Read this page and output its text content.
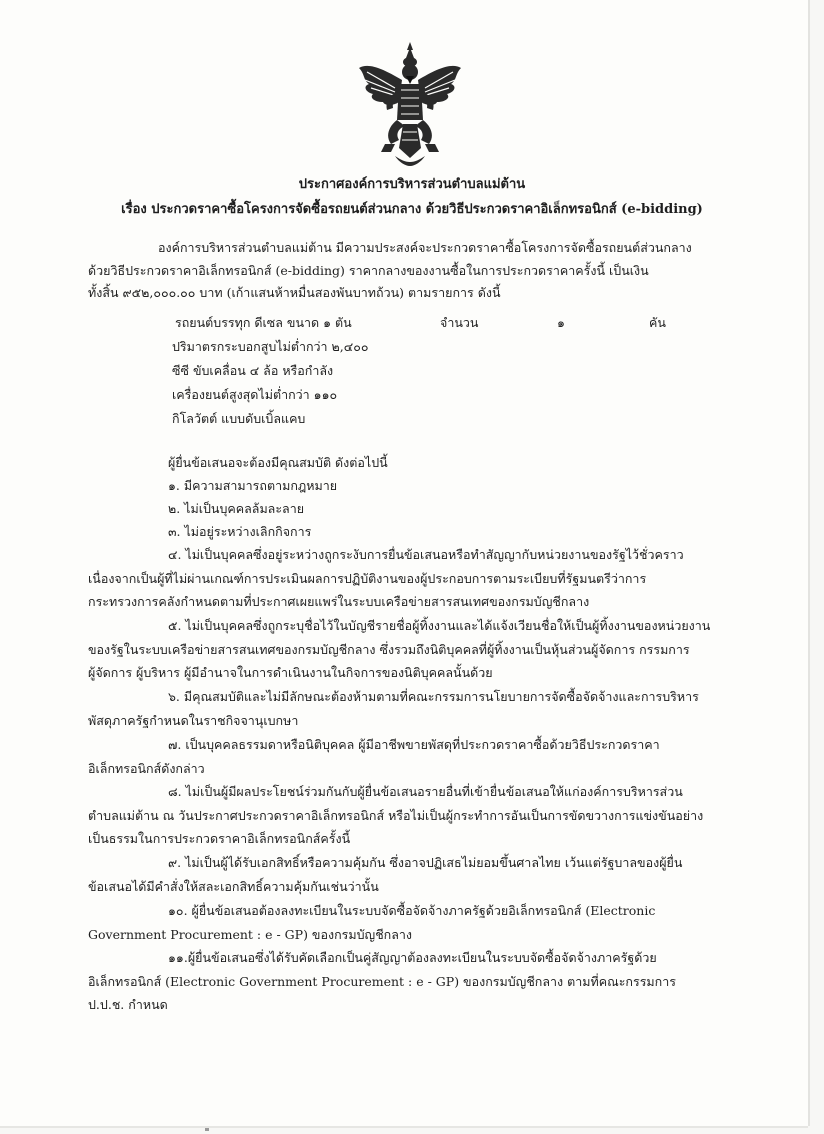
ประกาศองค์การบริหารส่วนตำบลแม่ต้าน
เรื่อง ประกวดราคาซื้อโครงการจัดซื้อรถยนต์ส่วนกลาง ด้วยวิธีประกวดราคาอิเล็กทรอนิกส์ (e-bidding)
องค์การบริหารส่วนตำบลแม่ต้าน มีความประสงค์จะประกวดราคาซื้อโครงการจัดซื้อรถยนต์ส่วนกลาง
ด้วยวิธีประกวดราคาอิเล็กทรอนิกส์ (e-bidding) ราคากลางของงานซื้อในการประกวดราคาครั้งนี้ เป็นเงิน
ทั้งสิ้น ๙๕๒,๐๐๐.๐๐ บาท (เก้าแสนห้าหมื่นสองพันบาทถ้วน) ตามรายการ ดังนี้
รถยนต์บรรทุก ดีเซล ขนาด ๑ ตัน	จำนวน	๑	คัน
ปริมาตรกระบอกสูบไม่ต่ำกว่า ๒,๔๐๐
ซีซี ขับเคลื่อน ๔ ล้อ หรือกำลัง
เครื่องยนต์สูงสุดไม่ต่ำกว่า ๑๑๐
กิโลวัตต์ แบบดับเบิ้ลแคบ
ผู้ยื่นข้อเสนอจะต้องมีคุณสมบัติ ดังต่อไปนี้
๑. มีความสามารถตามกฎหมาย
๒. ไม่เป็นบุคคลล้มละลาย
๓. ไม่อยู่ระหว่างเลิกกิจการ
๔. ไม่เป็นบุคคลซึ่งอยู่ระหว่างถูกระงับการยื่นข้อเสนอหรือทำสัญญากับหน่วยงานของรัฐไว้ชั่วคราว
เนื่องจากเป็นผู้ที่ไม่ผ่านเกณฑ์การประเมินผลการปฏิบัติงานของผู้ประกอบการตามระเบียบที่รัฐมนตรีว่าการ
กระทรวงการคลังกำหนดตามที่ประกาศเผยแพร่ในระบบเครือข่ายสารสนเทศของกรมบัญชีกลาง
๕. ไม่เป็นบุคคลซึ่งถูกระบุชื่อไว้ในบัญชีรายชื่อผู้ทิ้งงานและได้แจ้งเวียนชื่อให้เป็นผู้ทิ้งงานของหน่วยงาน
ของรัฐในระบบเครือข่ายสารสนเทศของกรมบัญชีกลาง ซึ่งรวมถึงนิติบุคคลที่ผู้ทิ้งงานเป็นหุ้นส่วนผู้จัดการ กรรมการ
ผู้จัดการ ผู้บริหาร ผู้มีอำนาจในการดำเนินงานในกิจการของนิติบุคคลนั้นด้วย
๖. มีคุณสมบัติและไม่มีลักษณะต้องห้ามตามที่คณะกรรมการนโยบายการจัดซื้อจัดจ้างและการบริหาร
พัสดุภาครัฐกำหนดในราชกิจจานุเบกษา
๗. เป็นบุคคลธรรมดาหรือนิติบุคคล ผู้มีอาชีพขายพัสดุที่ประกวดราคาซื้อด้วยวิธีประกวดราคา
อิเล็กทรอนิกส์ดังกล่าว
๘. ไม่เป็นผู้มีผลประโยชน์ร่วมกันกับผู้ยื่นข้อเสนอรายอื่นที่เข้ายื่นข้อเสนอให้แก่องค์การบริหารส่วน
ตำบลแม่ต้าน ณ วันประกาศประกวดราคาอิเล็กทรอนิกส์ หรือไม่เป็นผู้กระทำการอันเป็นการขัดขวางการแข่งขันอย่าง
เป็นธรรมในการประกวดราคาอิเล็กทรอนิกส์ครั้งนี้
๙. ไม่เป็นผู้ได้รับเอกสิทธิ์หรือความคุ้มกัน ซึ่งอาจปฏิเสธไม่ยอมขึ้นศาลไทย เว้นแต่รัฐบาลของผู้ยื่น
ข้อเสนอได้มีคำสั่งให้สละเอกสิทธิ์ความคุ้มกันเช่นว่านั้น
๑๐. ผู้ยื่นข้อเสนอต้องลงทะเบียนในระบบจัดซื้อจัดจ้างภาครัฐด้วยอิเล็กทรอนิกส์ (Electronic
Government Procurement : e - GP) ของกรมบัญชีกลาง
๑๑.ผู้ยื่นข้อเสนอซึ่งได้รับคัดเลือกเป็นคู่สัญญาต้องลงทะเบียนในระบบจัดซื้อจัดจ้างภาครัฐด้วย
อิเล็กทรอนิกส์ (Electronic Government Procurement : e - GP) ของกรมบัญชีกลาง ตามที่คณะกรรมการ
ป.ป.ช. กำหนด
